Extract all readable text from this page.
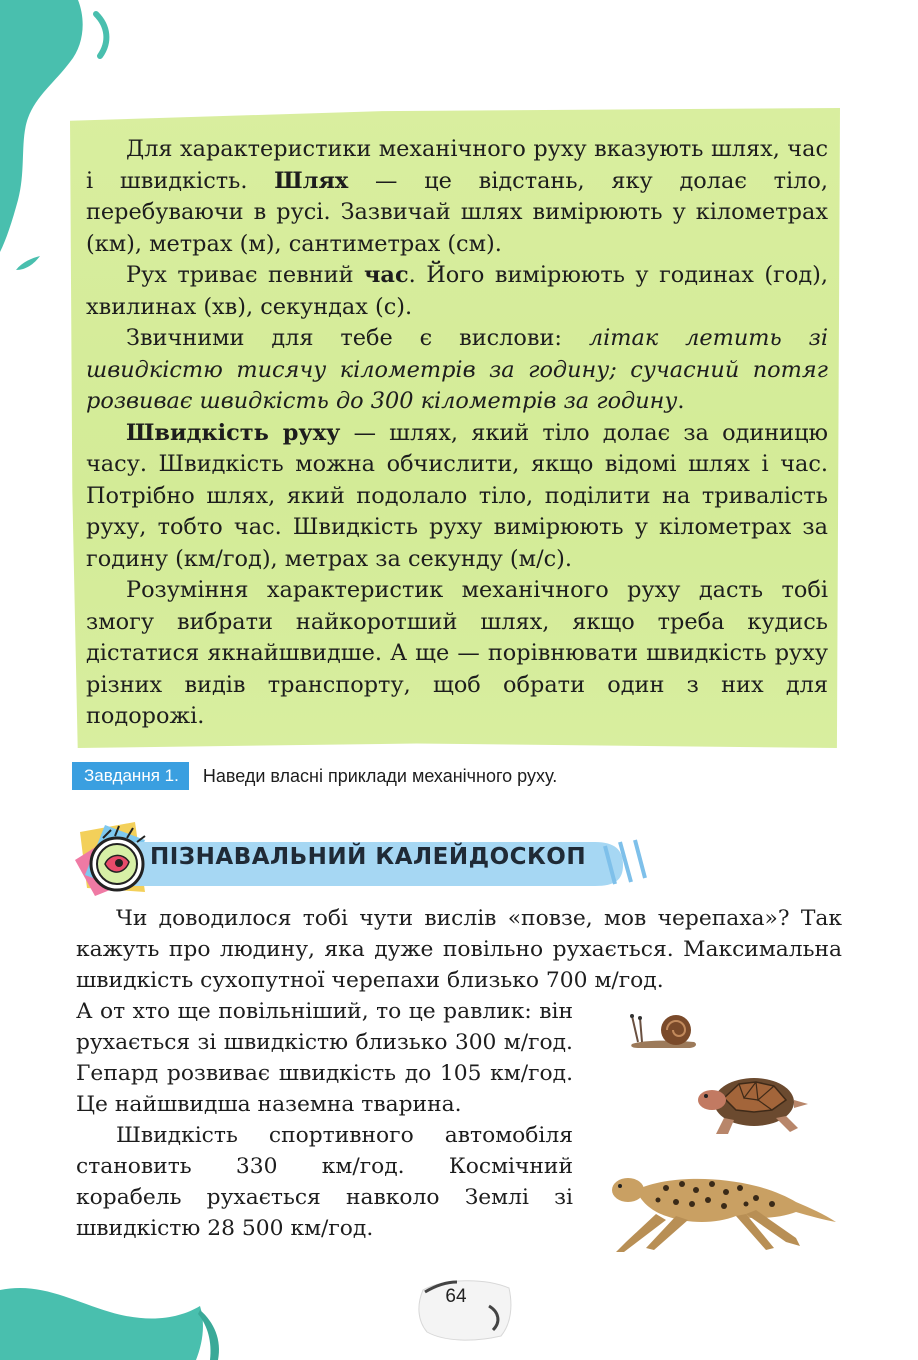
Для характеристики механічного руху вказують шлях, час і швидкість. Шлях — це відстань, яку долає тіло, перебуваючи в русі. Зазвичай шлях вимірюють у кілометрах (км), метрах (м), сантиметрах (см).

Рух триває певний час. Його вимірюють у годинах (год), хвилинах (хв), секундах (с).

Звичними для тебе є вислови: літак летить зі швидкістю тисячу кілометрів за годину; сучасний потяг розвиває швидкість до 300 кілометрів за годину.

Швидкість руху — шлях, який тіло долає за одиницю часу. Швидкість можна обчислити, якщо відомі шлях і час. Потрібно шлях, який подолало тіло, поділити на тривалість руху, тобто час. Швидкість руху вимірюють у кілометрах за годину (км/год), метрах за секунду (м/с).

Розуміння характеристик механічного руху дасть тобі змогу вибрати найкоротший шлях, якщо треба кудись дістатися якнайшвидше. А ще — порівнювати швидкість руху різних видів транспорту, щоб обрати один з них для подорожі.

Завдання 1.	Наведи власні приклади механічного руху.
ПІЗНАВАЛЬНИЙ КАЛЕЙДОСКОП

Чи доводилося тобі чути вислів «повзе, мов черепаха»? Так кажуть про людину, яка дуже повільно рухається. Максимальна швидкість сухопутної черепахи близько 700 м/год.

А от хто ще повільніший, то це равлик: він рухається зі швидкістю близько 300 м/год. Гепард розвиває швидкість до 105 км/год. Це найшвидша наземна тварина.

Швидкість спортивного автомобіля становить 330 км/год. Космічний корабель рухається навколо Землі зі швидкістю 28 500 км/год.

64
